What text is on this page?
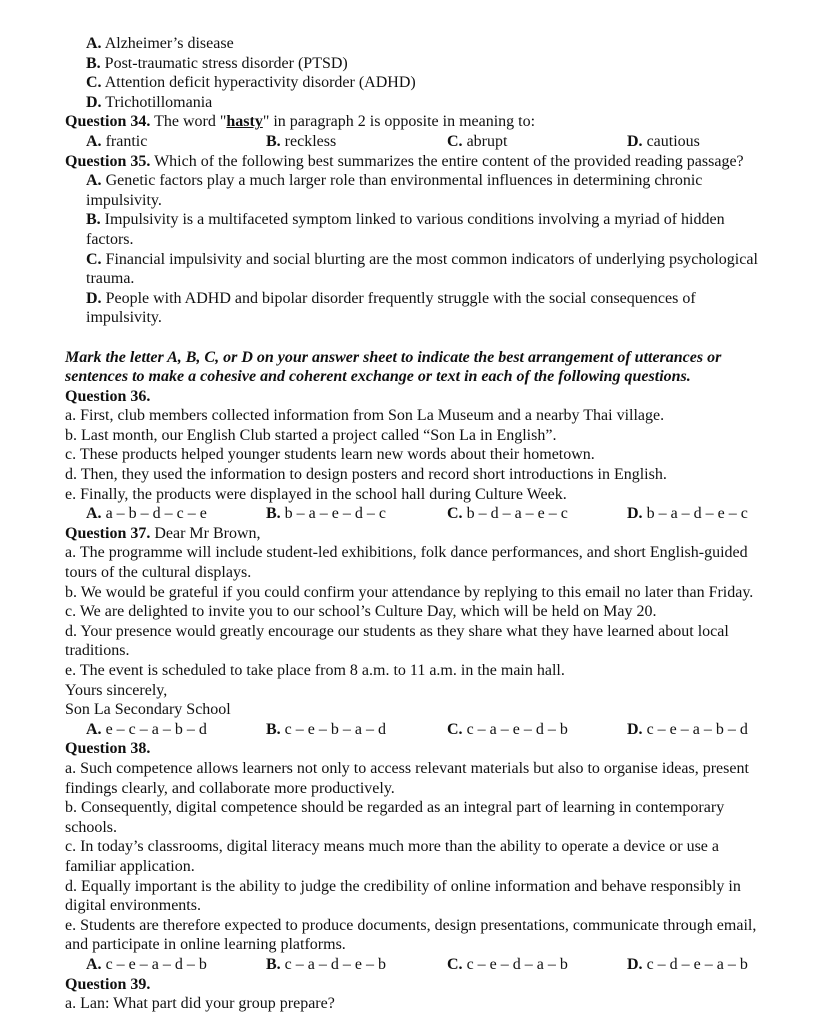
A. Alzheimer’s disease
B. Post-traumatic stress disorder (PTSD)
C. Attention deficit hyperactivity disorder (ADHD)
D. Trichotillomania
Question 34. The word "hasty" in paragraph 2 is opposite in meaning to:
A. frantic	B. reckless	C. abrupt	D. cautious
Question 35. Which of the following best summarizes the entire content of the provided reading passage?
A. Genetic factors play a much larger role than environmental influences in determining chronic
impulsivity.
B. Impulsivity is a multifaceted symptom linked to various conditions involving a myriad of hidden
factors.
C. Financial impulsivity and social blurting are the most common indicators of underlying psychological
trauma.
D. People with ADHD and bipolar disorder frequently struggle with the social consequences of
impulsivity.
Mark the letter A, B, C, or D on your answer sheet to indicate the best arrangement of utterances or
sentences to make a cohesive and coherent exchange or text in each of the following questions.
Question 36.
a. First, club members collected information from Son La Museum and a nearby Thai village.
b. Last month, our English Club started a project called “Son La in English”.
c. These products helped younger students learn new words about their hometown.
d. Then, they used the information to design posters and record short introductions in English.
e. Finally, the products were displayed in the school hall during Culture Week.
A. a – b – d – c – e	B. b – a – e – d – c	C. b – d – a – e – c	D. b – a – d – e – c
Question 37. Dear Mr Brown,
a. The programme will include student-led exhibitions, folk dance performances, and short English-guided
tours of the cultural displays.
b. We would be grateful if you could confirm your attendance by replying to this email no later than Friday.
c. We are delighted to invite you to our school’s Culture Day, which will be held on May 20.
d. Your presence would greatly encourage our students as they share what they have learned about local
traditions.
e. The event is scheduled to take place from 8 a.m. to 11 a.m. in the main hall.
Yours sincerely,
Son La Secondary School
A. e – c – a – b – d	B. c – e – b – a – d	C. c – a – e – d – b	D. c – e – a – b – d
Question 38.
a. Such competence allows learners not only to access relevant materials but also to organise ideas, present
findings clearly, and collaborate more productively.
b. Consequently, digital competence should be regarded as an integral part of learning in contemporary
schools.
c. In today’s classrooms, digital literacy means much more than the ability to operate a device or use a
familiar application.
d. Equally important is the ability to judge the credibility of online information and behave responsibly in
digital environments.
e. Students are therefore expected to produce documents, design presentations, communicate through email,
and participate in online learning platforms.
A. c – e – a – d – b	B. c – a – d – e – b	C. c – e – d – a – b	D. c – d – e – a – b
Question 39.
a. Lan: What part did your group prepare?
